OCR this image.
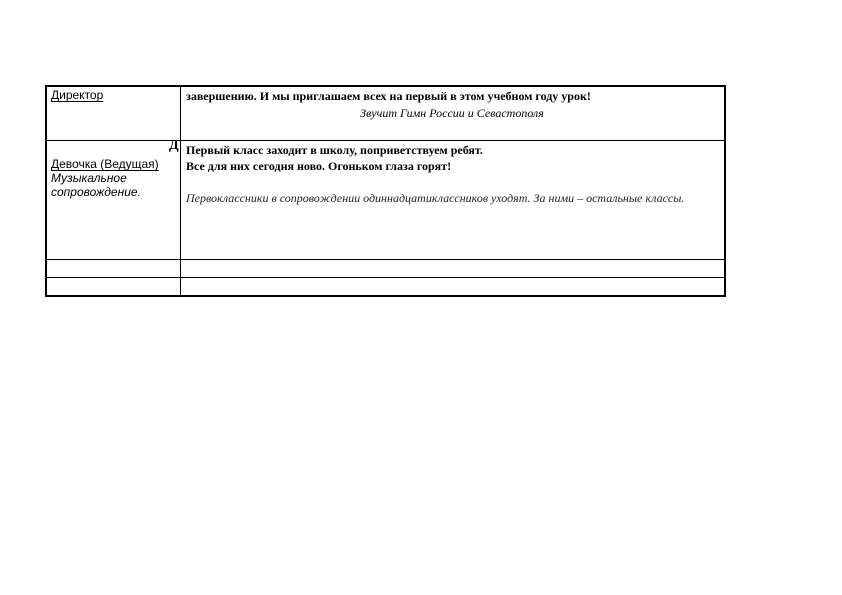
Директор	завершению. И мы приглашаем всех на первый в этом учебном году урок!
Звучит Гимн России и Севастополя

Девочка (Ведущая)
Музыкальное
сопровождение.	Первый класс заходит в школу, поприветствуем ребят.
Все для них сегодня ново. Огоньком глаза горят!
Первоклассники в сопровождении одиннадцатиклассников уходят. За ними – остальные классы.

Д
